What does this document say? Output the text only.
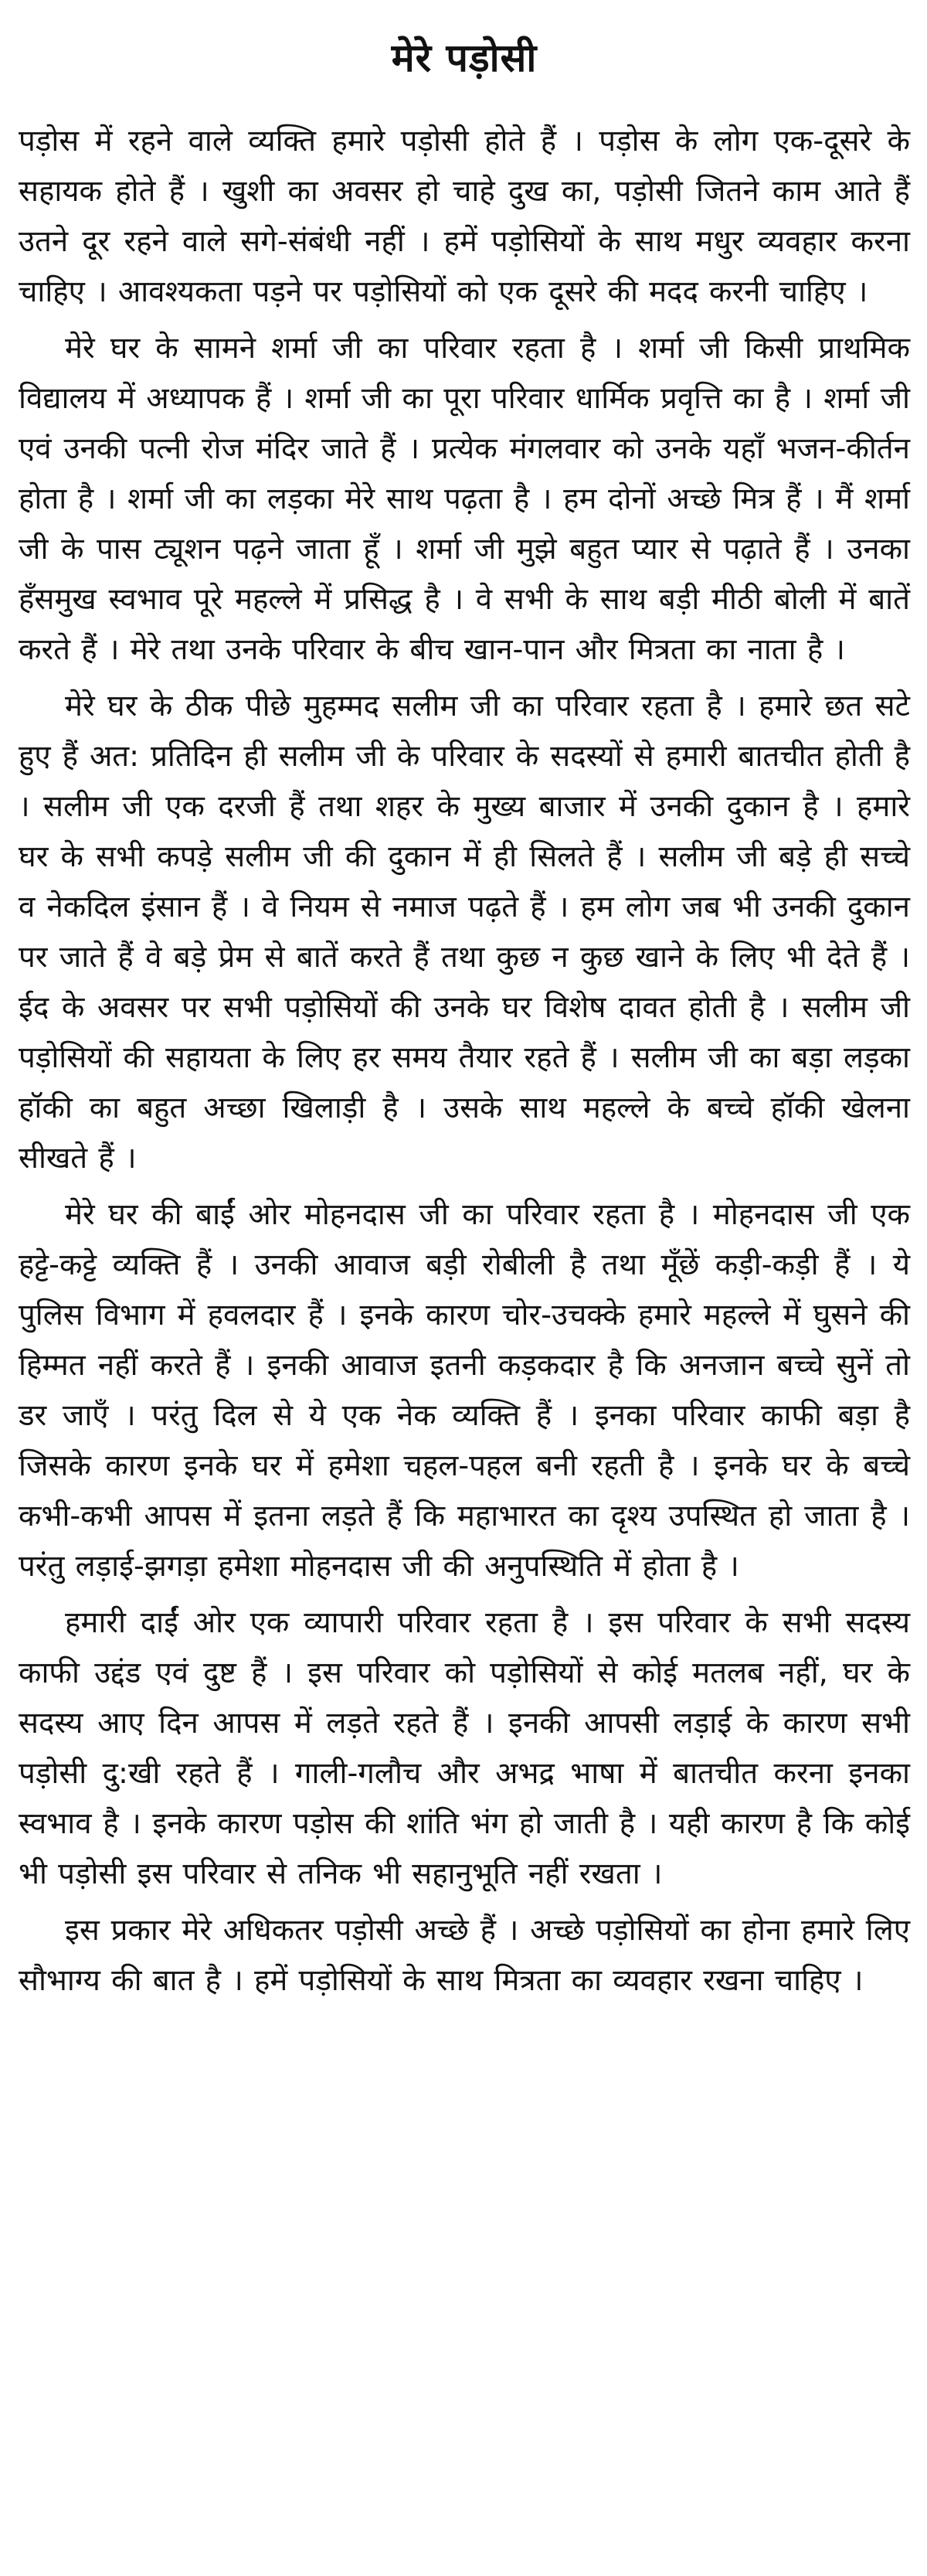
मेरे पड़ोसी

पड़ोस में रहने वाले व्यक्ति हमारे पड़ोसी होते हैं । पड़ोस के लोग एक-दूसरे के सहायक होते हैं । खुशी का अवसर हो चाहे दुख का, पड़ोसी जितने काम आते हैं उतने दूर रहने वाले सगे-संबंधी नहीं । हमें पड़ोसियों के साथ मधुर व्यवहार करना चाहिए । आवश्यकता पड़ने पर पड़ोसियों को एक दूसरे की मदद करनी चाहिए ।

मेरे घर के सामने शर्मा जी का परिवार रहता है । शर्मा जी किसी प्राथमिक विद्यालय में अध्यापक हैं । शर्मा जी का पूरा परिवार धार्मिक प्रवृत्ति का है । शर्मा जी एवं उनकी पत्नी रोज मंदिर जाते हैं । प्रत्येक मंगलवार को उनके यहाँ भजन-कीर्तन होता है । शर्मा जी का लड़का मेरे साथ पढ़ता है । हम दोनों अच्छे मित्र हैं । मैं शर्मा जी के पास ट्यूशन पढ़ने जाता हूँ । शर्मा जी मुझे बहुत प्यार से पढ़ाते हैं । उनका हँसमुख स्वभाव पूरे महल्ले में प्रसिद्ध है । वे सभी के साथ बड़ी मीठी बोली में बातें करते हैं । मेरे तथा उनके परिवार के बीच खान-पान और मित्रता का नाता है ।

मेरे घर के ठीक पीछे मुहम्मद सलीम जी का परिवार रहता है । हमारे छत सटे हुए हैं अत: प्रतिदिन ही सलीम जी के परिवार के सदस्यों से हमारी बातचीत होती है । सलीम जी एक दरजी हैं तथा शहर के मुख्य बाजार में उनकी दुकान है । हमारे घर के सभी कपड़े सलीम जी की दुकान में ही सिलते हैं । सलीम जी बड़े ही सच्चे व नेकदिल इंसान हैं । वे नियम से नमाज पढ़ते हैं । हम लोग जब भी उनकी दुकान पर जाते हैं वे बड़े प्रेम से बातें करते हैं तथा कुछ न कुछ खाने के लिए भी देते हैं । ईद के अवसर पर सभी पड़ोसियों की उनके घर विशेष दावत होती है । सलीम जी पड़ोसियों की सहायता के लिए हर समय तैयार रहते हैं । सलीम जी का बड़ा लड़का हॉकी का बहुत अच्छा खिलाड़ी है । उसके साथ महल्ले के बच्चे हॉकी खेलना सीखते हैं ।

मेरे घर की बाईं ओर मोहनदास जी का परिवार रहता है । मोहनदास जी एक हट्टे-कट्टे व्यक्ति हैं । उनकी आवाज बड़ी रोबीली है तथा मूँछें कड़ी-कड़ी हैं । ये पुलिस विभाग में हवलदार हैं । इनके कारण चोर-उचक्के हमारे महल्ले में घुसने की हिम्मत नहीं करते हैं । इनकी आवाज इतनी कड़कदार है कि अनजान बच्चे सुनें तो डर जाएँ । परंतु दिल से ये एक नेक व्यक्ति हैं । इनका परिवार काफी बड़ा है जिसके कारण इनके घर में हमेशा चहल-पहल बनी रहती है । इनके घर के बच्चे कभी-कभी आपस में इतना लड़ते हैं कि महाभारत का दृश्य उपस्थित हो जाता है । परंतु लड़ाई-झगड़ा हमेशा मोहनदास जी की अनुपस्थिति में होता है ।

हमारी दाईं ओर एक व्यापारी परिवार रहता है । इस परिवार के सभी सदस्य काफी उद्दंड एवं दुष्ट हैं । इस परिवार को पड़ोसियों से कोई मतलब नहीं, घर के सदस्य आए दिन आपस में लड़ते रहते हैं । इनकी आपसी लड़ाई के कारण सभी पड़ोसी दु:खी रहते हैं । गाली-गलौच और अभद्र भाषा में बातचीत करना इनका स्वभाव है । इनके कारण पड़ोस की शांति भंग हो जाती है । यही कारण है कि कोई भी पड़ोसी इस परिवार से तनिक भी सहानुभूति नहीं रखता ।

इस प्रकार मेरे अधिकतर पड़ोसी अच्छे हैं । अच्छे पड़ोसियों का होना हमारे लिए सौभाग्य की बात है । हमें पड़ोसियों के साथ मित्रता का व्यवहार रखना चाहिए ।
